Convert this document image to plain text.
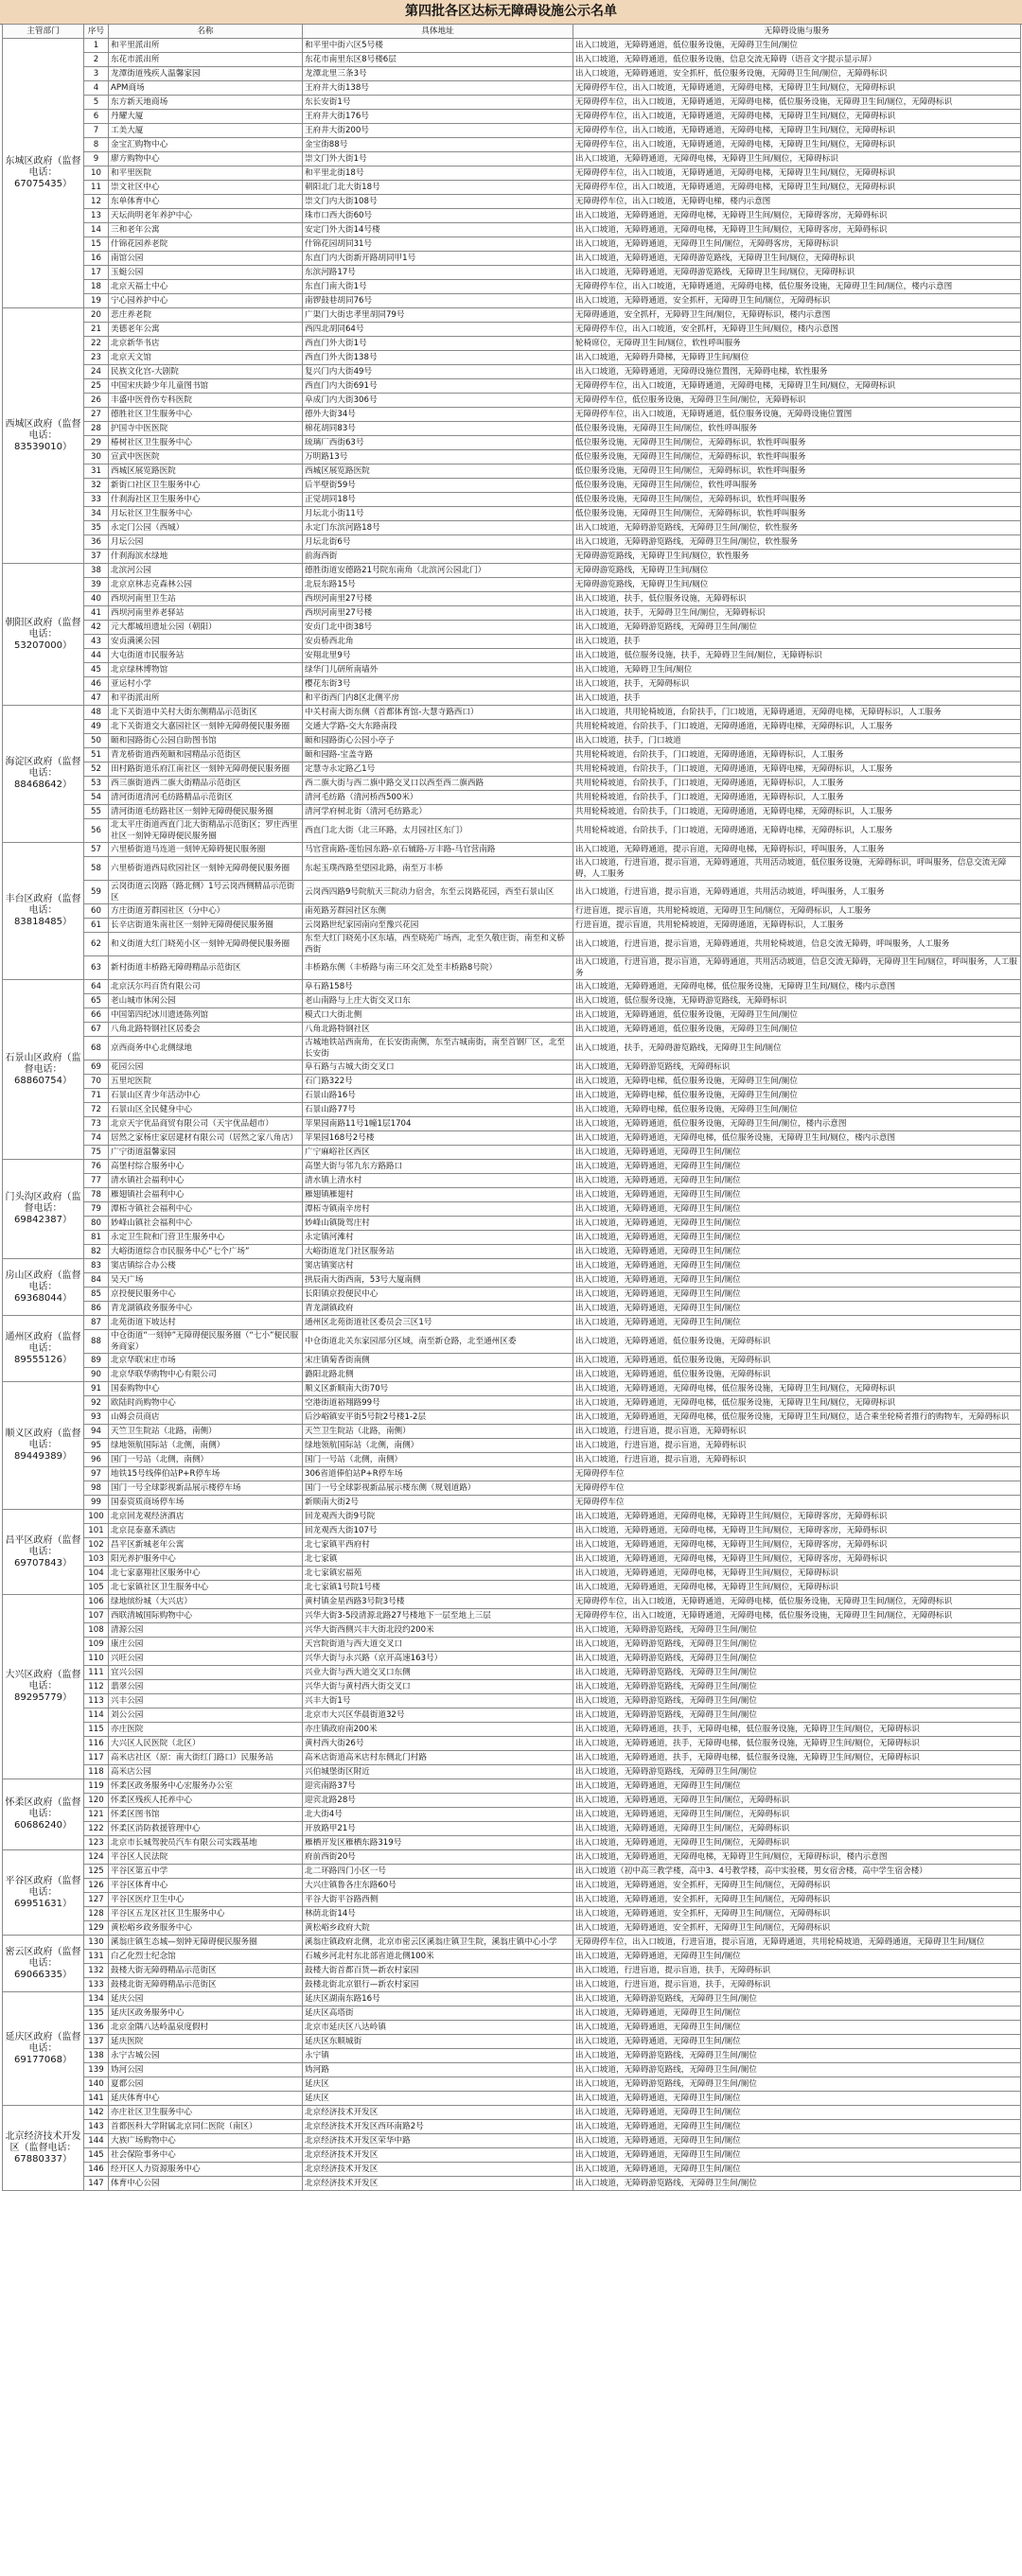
第四批各区达标无障碍设施公示名单
主管部门	序号	名称	具体地址	无障碍设施与服务
东城区政府（监督电话：67075435）	1	和平里派出所	和平里中街六区5号楼	出入口坡道，无障碍通道，低位服务设施，无障碍卫生间/厕位
	2	东花市派出所	东花市南里东区8号楼6层	出入口坡道，无障碍通道，低位服务设施，信息交流无障碍（语音文字提示显示屏）
	3	龙潭街道残疾人温馨家园	龙潭北里三条3号	出入口坡道，无障碍通道，安全抓杆，低位服务设施，无障碍卫生间/厕位，无障碍标识
	4	APM商场	王府井大街138号	无障碍停车位，出入口坡道，无障碍通道，无障碍电梯，无障碍卫生间/厕位，无障碍标识
	5	东方新天地商场	东长安街1号	无障碍停车位，出入口坡道，无障碍通道，无障碍电梯，低位服务设施，无障碍卫生间/厕位，无障碍标识
	6	丹耀大厦	王府井大街176号	无障碍停车位，出入口坡道，无障碍通道，无障碍电梯，无障碍卫生间/厕位，无障碍标识
	7	工美大厦	王府井大街200号	无障碍停车位，出入口坡道，无障碍通道，无障碍电梯，无障碍卫生间/厕位，无障碍标识
	8	金宝汇购物中心	金宝街88号	无障碍停车位，出入口坡道，无障碍通道，无障碍电梯，无障碍卫生间/厕位，无障碍标识
	9	廖方购物中心	崇文门外大街1号	出入口坡道，无障碍通道，无障碍电梯，无障碍卫生间/厕位，无障碍标识
	10	和平里医院	和平里北街18号	无障碍停车位，出入口坡道，无障碍通道，无障碍电梯，无障碍卫生间/厕位，无障碍标识
	11	崇文社区中心	朝阳北门北大街18号	无障碍停车位，出入口坡道，无障碍通道，无障碍电梯，无障碍卫生间/厕位，无障碍标识
	12	东单体育中心	崇文门内大街108号	无障碍停车位，出入口坡道，无障碍电梯，楼内示意图
	13	天坛尚明老年养护中心	珠市口西大街60号	出入口坡道，无障碍通道，无障碍电梯，无障碍卫生间/厕位，无障碍客房，无障碍标识
	14	三和老年公寓	安定门外大街14号楼	出入口坡道，无障碍通道，无障碍电梯，无障碍卫生间/厕位，无障碍客房，无障碍标识
	15	什锦花园养老院	什锦花园胡同31号	出入口坡道，无障碍通道，无障碍卫生间/厕位，无障碍客房，无障碍标识
	16	南馆公园	东直门内大街新开路胡同甲1号	出入口坡道，无障碍通道，无障碍游览路线，无障碍卫生间/厕位，无障碍标识
	17	玉蜓公园	东滨河路17号	出入口坡道，无障碍通道，无障碍游览路线，无障碍卫生间/厕位，无障碍标识
	18	北京天福士中心	东直门南大街1号	无障碍停车位，出入口坡道，无障碍通道，无障碍电梯，低位服务设施，无障碍卫生间/厕位，楼内示意图
	19	宁心园养护中心	南锣鼓巷胡同76号	出入口坡道，无障碍通道，安全抓杆，无障碍卫生间/厕位，无障碍标识
西城区政府（监督电话：83539010）	20	悲庄养老院	广渠门大街忠孝里胡同79号	无障碍通道，安全抓杆，无障碍卫生间/厕位，无障碍标识，楼内示意图
	21	美德老年公寓	西四北胡同64号	无障碍停车位，出入口坡道，安全抓杆，无障碍卫生间/厕位，楼内示意图
	22	北京新华书店	西直门外大街1号	轮椅席位，无障碍卫生间/厕位，软性呼叫服务
	23	北京天文馆	西直门外大街138号	出入口坡道，无障碍升降梯，无障碍卫生间/厕位
	24	民族文化宫-大剧院	复兴门内大街49号	出入口坡道，无障碍通道，无障碍设施位置图，无障碍电梯，软性服务
	25	中国宋庆龄少年儿童图书馆	西直门内大街691号	无障碍停车位，出入口坡道，无障碍通道，无障碍电梯，无障碍卫生间/厕位，无障碍标识
	26	丰盛中医骨伤专科医院	阜成门内大街306号	无障碍停车位，低位服务设施，无障碍卫生间/厕位，无障碍标识
	27	德胜社区卫生服务中心	德外大街34号	无障碍停车位，出入口坡道，无障碍通道，低位服务设施，无障碍设施位置图
	28	护国寺中医医院	棉花胡同83号	低位服务设施，无障碍卫生间/厕位，软性呼叫服务
	29	椿树社区卫生服务中心	琉璃厂西街63号	低位服务设施，无障碍卫生间/厕位，无障碍标识，软性呼叫服务
	30	宣武中医医院	万明路13号	低位服务设施，无障碍卫生间/厕位，无障碍标识，软性呼叫服务
	31	西城区展览路医院	西城区展览路医院	低位服务设施，无障碍卫生间/厕位，无障碍标识，软性呼叫服务
	32	新街口社区卫生服务中心	后半壁街59号	低位服务设施，无障碍卫生间/厕位，软性呼叫服务
	33	什刹海社区卫生服务中心	正觉胡同18号	低位服务设施，无障碍卫生间/厕位，无障碍标识，软性呼叫服务
	34	月坛社区卫生服务中心	月坛北小街11号	低位服务设施，无障碍卫生间/厕位，无障碍标识，软性呼叫服务
	35	永定门公园（西城）	永定门东滨河路18号	出入口坡道，无障碍游览路线，无障碍卫生间/厕位，软性服务
	36	月坛公园	月坛北街6号	出入口坡道，无障碍游览路线，无障碍卫生间/厕位，软性服务
	37	什刹海滨水绿地	前海西街	无障碍游览路线，无障碍卫生间/厕位，软性服务
朝阳区政府（监督电话：53207000）	38	北滨河公园	德胜街道安德路21号院东南角（北滨河公园北门）	无障碍游览路线，无障碍卫生间/厕位
	39	北京京林志克森林公园	北辰东路15号	无障碍游览路线，无障碍卫生间/厕位
	40	西坝河南里卫生站	西坝河南里27号楼	出入口坡道，扶手，低位服务设施，无障碍标识
	41	西坝河南里养老驿站	西坝河南里27号楼	出入口坡道，扶手，无障碍卫生间/厕位，无障碍标识
	42	元大都城垣遗址公园（朝阳）	安贞门北中街38号	出入口坡道，无障碍游览路线，无障碍卫生间/厕位
	43	安贞满溪公园	安贞桥西北角	出入口坡道，扶手
	44	大屯街道市民服务站	安翔北里9号	出入口坡道，低位服务设施，扶手，无障碍卫生间/厕位，无障碍标识
	45	北京绿林博物馆	绿华门儿研所南墙外	出入口坡道，无障碍卫生间/厕位
	46	亚运村小学	樱花东街3号	出入口坡道，扶手，无障碍标识
	47	和平街派出所	和平街西门内8区北侧平房	出入口坡道，扶手
海淀区政府（监督电话：88468642）	48	北下关街道中关村大街东侧精品示范街区	中关村南大街东侧（首都体育馆-大慧寺路西口）	出入口坡道，共用轮椅坡道，台阶扶手，门口坡道，无障碍通道，无障碍电梯，无障碍标识，人工服务
	49	北下关街道交大嘉园社区一刻钟无障碍便民服务圈	交通大学路-交大东路南段	共用轮椅坡道，台阶扶手，门口坡道，无障碍通道，无障碍电梯，无障碍标识，人工服务
	50	颐和园路街心公园自助图书馆	颐和园路街心公园小亭子	出入口坡道，扶手，门口坡道
	51	青龙桥街道西苑颐和园精品示范街区	颐和园路-宝盖寺路	共用轮椅坡道，台阶扶手，门口坡道，无障碍通道，无障碍标识，人工服务
	52	田村路街道乐府江南社区一刻钟无障碍便民服务圈	定慧寺永定路乙1号	共用轮椅坡道，台阶扶手，门口坡道，无障碍通道，无障碍电梯，无障碍标识，人工服务
	53	西三旗街道西二旗大街精品示范街区	西二旗大街与西二旗中路交叉口以西至西二旗西路	共用轮椅坡道，台阶扶手，门口坡道，无障碍通道，无障碍标识，人工服务
	54	清河街道清河毛纺路精品示范街区	清河毛纺路（清河桥西500米）	共用轮椅坡道，台阶扶手，门口坡道，无障碍通道，无障碍标识，人工服务
	55	清河街道毛纺路社区一刻钟无障碍便民服务圈	清河学府树北街（清河毛纺路北）	共用轮椅坡道，台阶扶手，门口坡道，无障碍通道，无障碍电梯，无障碍标识，人工服务
	56	北太平庄街道西直门北大街精品示范街区；罗庄西里社区一刻钟无障碍便民服务圈	西直门北大街（北三环路，太月园社区东门）	共用轮椅坡道，台阶扶手，门口坡道，无障碍通道，无障碍电梯，无障碍标识，人工服务
丰台区政府（监督电话：83818485）	57	六里桥街道马连道一刻钟无障碍便民服务圈	马官营南路-莲怡园东路-京石辅路-万丰路-马官营南路	出入口坡道，无障碍通道，提示盲道，无障碍电梯，无障碍标识，呼叫服务，人工服务
	58	六里桥街道西局欣园社区一刻钟无障碍便民服务圈	东起玉璞西路至望园北路，南至万丰桥	出入口坡道，行进盲道，提示盲道，无障碍通道，共用活动坡道，低位服务设施，无障碍标识，呼叫服务，信息交流无障碍，人工服务
	59	云岗街道云岗路（路北侧）1号云岗西侧精品示范街区	云岗西四路9号院航天三院动力宿舍，东至云岗路花园，西至石景山区	出入口坡道，行进盲道，提示盲道，无障碍通道，共用活动坡道，呼叫服务，人工服务
	60	方庄街道芳群园社区（分中心）	南苑路芳群园社区东侧	行进盲道，提示盲道，共用轮椅坡道，无障碍卫生间/厕位，无障碍标识，人工服务
	61	长辛店街道朱南社区一刻钟无障碍便民服务圈	云岗路世纪家园南向至豫兴花园	行进盲道，提示盲道，共用轮椅坡道，无障碍通道，无障碍标识，人工服务
	62	和义街道大红门晓苑小区一刻钟无障碍便民服务圈	东至大红门晓苑小区东墙，西至晓苑广场西，北至久敬庄街，南至和义桥西街	出入口坡道，行进盲道，提示盲道，无障碍通道，共用轮椅坡道，信息交流无障碍，呼叫服务，人工服务
	63	新村街道丰桥路无障碍精品示范街区	丰桥路东侧（丰桥路与南三环交汇处至丰桥路8号院）	出入口坡道，行进盲道，提示盲道，无障碍通道，共用活动坡道，信息交流无障碍，无障碍卫生间/厕位，呼叫服务，人工服务
石景山区政府（监督电话：68860754）	64	北京沃尔玛百货有限公司	阜石路158号	出入口坡道，无障碍通道，无障碍电梯，低位服务设施，无障碍卫生间/厕位，楼内示意图
	65	老山城市休闲公园	老山南路与上庄大街交叉口东	出入口坡道，低位服务设施，无障碍游览路线，无障碍标识
	66	中国第四纪冰川遗迹陈列馆	模式口大街北侧	出入口坡道，无障碍通道，低位服务设施，无障碍卫生间/厕位
	67	八角北路特钢社区居委会	八角北路特钢社区	出入口坡道，无障碍通道，低位服务设施，无障碍卫生间/厕位
	68	京西商务中心北侧绿地	古城地铁站西南角，在长安街南侧，东至古城南街，南至首钢厂区，北至长安街	出入口坡道，扶手，无障碍游览路线，无障碍卫生间/厕位
	69	花园公园	阜石路与古城大街交叉口	出入口坡道，无障碍游览路线，无障碍标识
	70	五里坨医院	石门路322号	出入口坡道，无障碍电梯，低位服务设施，无障碍卫生间/厕位
	71	石景山区青少年活动中心	石景山路16号	出入口坡道，无障碍电梯，低位服务设施，无障碍卫生间/厕位
	72	石景山区全民健身中心	石景山路77号	出入口坡道，无障碍电梯，低位服务设施，无障碍卫生间/厕位
	73	北京天宇优品商贸有限公司（天宇优品超市）	苹果园南路11号1幢1层1704	出入口坡道，无障碍通道，低位服务设施，无障碍卫生间/厕位，楼内示意图
	74	居然之家杨庄家居建材有限公司（居然之家八角店）	苹果园168号2号楼	出入口坡道，无障碍通道，无障碍电梯，低位服务设施，无障碍卫生间/厕位，楼内示意图
	75	广宁街道温馨家园	广宁麻峪社区西区	出入口坡道，无障碍通道，无障碍卫生间/厕位
门头沟区政府（监督电话：69842387）	76	高堡村综合服务中心	高堡大街与邻九东方路路口	出入口坡道，无障碍通道，无障碍卫生间/厕位
	77	清水镇社会福利中心	清水镇上清水村	出入口坡道，无障碍通道，无障碍卫生间/厕位
	78	雁翅镇社会福利中心	雁翅镇雁翅村	出入口坡道，无障碍通道，无障碍卫生间/厕位
	79	潭柘寺镇社会福利中心	潭柘寺镇南辛房村	出入口坡道，无障碍通道，无障碍卫生间/厕位
	80	妙峰山镇社会福利中心	妙峰山镇陇驾庄村	出入口坡道，无障碍通道，无障碍卫生间/厕位
	81	永定卫生院和门营卫生服务中心	永定镇河滩村	出入口坡道，无障碍通道，无障碍卫生间/厕位
	82	大峪街道综合市民服务中心“七个广场”	大峪街道龙门社区服务站	出入口坡道，无障碍通道，无障碍卫生间/厕位
房山区政府（监督电话：69368044）	83	窦店镇综合办公楼	窦店镇窦店村	出入口坡道，无障碍通道，无障碍卫生间/厕位
	84	吴天广场	拱辰南大街西南，53号大厦南侧	出入口坡道，无障碍通道，无障碍卫生间/厕位
	85	京投便民服务中心	长阳镇京投便民中心	出入口坡道，无障碍通道，无障碍卫生间/厕位
	86	青龙湖镇政务服务中心	青龙湖镇政府	出入口坡道，无障碍通道，无障碍卫生间/厕位
通州区政府（监督电话：89555126）	87	北苑街道下坡达村	通州区北苑街道社区委员会三区1号	出入口坡道，无障碍通道，无障碍卫生间/厕位
	88	中仓街道“一刻钟”无障碍便民服务圈（“七小”便民服务商家）	中仓街道北关东家园部分区域，南至新仓路，北至通州区委	出入口坡道，无障碍通道，低位服务设施，无障碍标识
	89	北京华联宋庄市场	宋庄镇菊香街南侧	出入口坡道，无障碍通道，低位服务设施，无障碍标识
	90	北京华联华购物中心有限公司	潞阳北路北侧	出入口坡道，无障碍通道，低位服务设施，无障碍标识
顺义区政府（监督电话：89449389）	91	国泰购物中心	顺义区新顺南大街70号	出入口坡道，无障碍通道，无障碍电梯，低位服务设施，无障碍卫生间/厕位，无障碍标识
	92	欧陆时尚购物中心	空港街道裕翔路99号	出入口坡道，无障碍通道，无障碍电梯，低位服务设施，无障碍卫生间/厕位，无障碍标识
	93	山姆会员商店	后沙峪镇安平街5号院2号楼1-2层	出入口坡道，无障碍通道，无障碍电梯，低位服务设施，无障碍卫生间/厕位，适合乘坐轮椅者推行的购物车，无障碍标识
	94	天竺卫生院站（北路，南侧）	天竺卫生院站（北路，南侧）	出入口坡道，行进盲道，提示盲道，无障碍标识
	95	绿地领航国际站（北侧，南侧）	绿地领航国际站（北侧，南侧）	出入口坡道，行进盲道，提示盲道，无障碍标识
	96	国门一号站（北侧，南侧）	国门一号站（北侧，南侧）	出入口坡道，行进盲道，提示盲道，无障碍标识
	97	地铁15号线俸伯站P+R停车场	306省道俸伯站P+R停车场	无障碍停车位
	98	国门一号全球影视新品展示楼停车场	国门一号全球影视新品展示楼东侧（规划道路）	无障碍停车位
	99	国泰资质商场停车场	新顺南大街2号	无障碍停车位
昌平区政府（监督电话：69707843）	100	北京回龙观经济酒店	回龙观西大街9号院	出入口坡道，无障碍通道，无障碍电梯，无障碍卫生间/厕位，无障碍客房，无障碍标识
	101	北京昆泰嘉禾酒店	回龙观西大街107号	出入口坡道，无障碍通道，无障碍电梯，无障碍卫生间/厕位，无障碍客房，无障碍标识
	102	昌平区新城老年公寓	北七家镇平西府村	出入口坡道，无障碍通道，无障碍电梯，无障碍卫生间/厕位，无障碍客房，无障碍标识
	103	阳光养护服务中心	北七家镇	出入口坡道，无障碍通道，无障碍电梯，无障碍卫生间/厕位，无障碍客房，无障碍标识
	104	北七家嘉翔社区服务中心	北七家镇宏福苑	出入口坡道，无障碍通道，无障碍电梯，无障碍卫生间/厕位，无障碍标识
	105	北七家镇社区卫生服务中心	北七家镇1号院1号楼	出入口坡道，无障碍通道，无障碍电梯，无障碍卫生间/厕位，无障碍标识
大兴区政府（监督电话：89295779）	106	绿地缤纷城（大兴店）	黄村镇金星西路3号院3号楼	无障碍停车位，出入口坡道，无障碍通道，无障碍电梯，低位服务设施，无障碍卫生间/厕位，无障碍标识
	107	西联清城国际购物中心	兴华大街3-5段清源北路27号楼地下一层至地上三层	无障碍停车位，出入口坡道，无障碍通道，无障碍电梯，低位服务设施，无障碍卫生间/厕位，无障碍标识
	108	清源公园	兴华大街西侧兴丰大街北段约200米	出入口坡道，无障碍游览路线，无障碍卫生间/厕位
	109	康庄公园	天宫院街道与西大道交叉口	出入口坡道，无障碍游览路线，无障碍卫生间/厕位
	110	兴旺公园	兴华大街与永兴路（京开高速163号）	出入口坡道，无障碍游览路线，无障碍卫生间/厕位
	111	宜兴公园	兴业大街与西大道交叉口东侧	出入口坡道，无障碍游览路线，无障碍卫生间/厕位
	112	翡翠公园	兴华大街与黄村西大街交叉口	出入口坡道，无障碍游览路线，无障碍卫生间/厕位
	113	兴丰公园	兴丰大街1号	出入口坡道，无障碍游览路线，无障碍卫生间/厕位
	114	刘公公园	北京市大兴区华晨街道32号	出入口坡道，无障碍游览路线，无障碍卫生间/厕位
	115	亦庄医院	亦庄镇政府南200米	出入口坡道，无障碍通道，扶手，无障碍电梯，低位服务设施，无障碍卫生间/厕位，无障碍标识
	116	大兴区人民医院（北区）	黄村西大街26号	出入口坡道，无障碍通道，扶手，无障碍电梯，低位服务设施，无障碍卫生间/厕位，无障碍标识
	117	高米店社区（原：南大街红门路口）民服务站	高米店街道高米店村东侧北门村路	出入口坡道，无障碍通道，扶手，无障碍电梯，低位服务设施，无障碍卫生间/厕位，无障碍标识
	118	高米店公园	兴伯城堡街区附近	出入口坡道，无障碍游览路线，无障碍卫生间/厕位
怀柔区政府（监督电话：60686240）	119	怀柔区政务服务中心宏服务办公室	迎宾南路37号	出入口坡道，无障碍通道，无障碍卫生间/厕位
	120	怀柔区残疾人托养中心	迎宾北路28号	出入口坡道，无障碍通道，无障碍卫生间/厕位，无障碍标识
	121	怀柔区图书馆	北大街4号	出入口坡道，无障碍通道，无障碍卫生间/厕位，无障碍标识
	122	怀柔区消防救援管理中心	开放路甲21号	出入口坡道，无障碍通道，无障碍卫生间/厕位，无障碍标识
	123	北京市长城驾驶员汽车有限公司实践基地	雁栖开发区雁栖东路319号	出入口坡道，无障碍通道，无障碍卫生间/厕位，无障碍标识
平谷区政府（监督电话：69951631）	124	平谷区人民法院	府前西街20号	出入口坡道，无障碍通道，无障碍电梯，无障碍卫生间/厕位，无障碍标识，楼内示意图
	125	平谷区第五中学	北二环路四门小区一号	出入口坡道（初中高三教学楼，高中3、4号教学楼，高中实验楼，男女宿舍楼，高中学生宿舍楼）
	126	平谷区体育中心	大兴庄镇鲁各庄东路60号	出入口坡道，无障碍通道，安全抓杆，无障碍卫生间/厕位，无障碍标识
	127	平谷区医疗卫生中心	平谷大街平谷路西侧	出入口坡道，无障碍通道，安全抓杆，无障碍卫生间/厕位，无障碍标识
	128	平谷区五龙区社区卫生服务中心	林荫北街14号	出入口坡道，无障碍通道，安全抓杆，无障碍卫生间/厕位，无障碍标识
	129	黄松峪乡政务服务中心	黄松峪乡政府大院	出入口坡道，无障碍通道，安全抓杆，无障碍卫生间/厕位，无障碍标识
密云区政府（监督电话：69066335）	130	溪翁庄镇生态城—刻钟无障碍便民服务圈	溪翁庄镇政府北侧，北京市密云区溪翁庄镇卫生院，溪翁庄镇中心小学	无障碍停车位，出入口坡道，行进盲道，提示盲道，无障碍通道，共用轮椅坡道，无障碍通道，无障碍卫生间/厕位
	131	白乙化烈士纪念馆	石城乡河北村东北部省道北侧100米	出入口坡道，无障碍通道，无障碍卫生间/厕位
	132	鼓楼大街无障碍精品示范街区	鼓楼大街首都百货—新农村家园	出入口坡道，行进盲道，提示盲道，扶手，无障碍标识
	133	鼓楼北街无障碍精品示范街区	鼓楼北街北京银行—新农村家园	出入口坡道，行进盲道，提示盲道，扶手，无障碍标识
延庆区政府（监督电话：69177068）	134	延庆公园	延庆区湖南东路16号	出入口坡道，无障碍游览路线，无障碍卫生间/厕位
	135	延庆区政务服务中心	延庆区高塔街	出入口坡道，无障碍通道，无障碍卫生间/厕位
	136	北京金隅八达岭温泉度假村	北京市延庆区八达岭镇	出入口坡道，无障碍通道，无障碍卫生间/厕位
	137	延庆医院	延庆区东顺城街	出入口坡道，无障碍通道，无障碍卫生间/厕位
	138	永宁古城公园	永宁镇	出入口坡道，无障碍游览路线，无障碍卫生间/厕位
	139	妫河公园	妫河路	出入口坡道，无障碍游览路线，无障碍卫生间/厕位
	140	夏都公园	延庆区	出入口坡道，无障碍游览路线，无障碍卫生间/厕位
	141	延庆体育中心	延庆区	出入口坡道，无障碍通道，无障碍卫生间/厕位
北京经济技术开发区（监督电话：67880337）	142	亦庄社区卫生服务中心	北京经济技术开发区	出入口坡道，无障碍通道，无障碍卫生间/厕位
	143	首都医科大学附属北京同仁医院（南区）	北京经济技术开发区西环南路2号	出入口坡道，无障碍通道，无障碍卫生间/厕位
	144	大族广场购物中心	北京经济技术开发区荣华中路	出入口坡道，无障碍通道，无障碍卫生间/厕位
	145	社会保险事务中心	北京经济技术开发区	出入口坡道，无障碍通道，无障碍卫生间/厕位
	146	经开区人力资源服务中心	北京经济技术开发区	出入口坡道，无障碍通道，无障碍卫生间/厕位
	147	体育中心公园	北京经济技术开发区	出入口坡道，无障碍游览路线，无障碍卫生间/厕位
